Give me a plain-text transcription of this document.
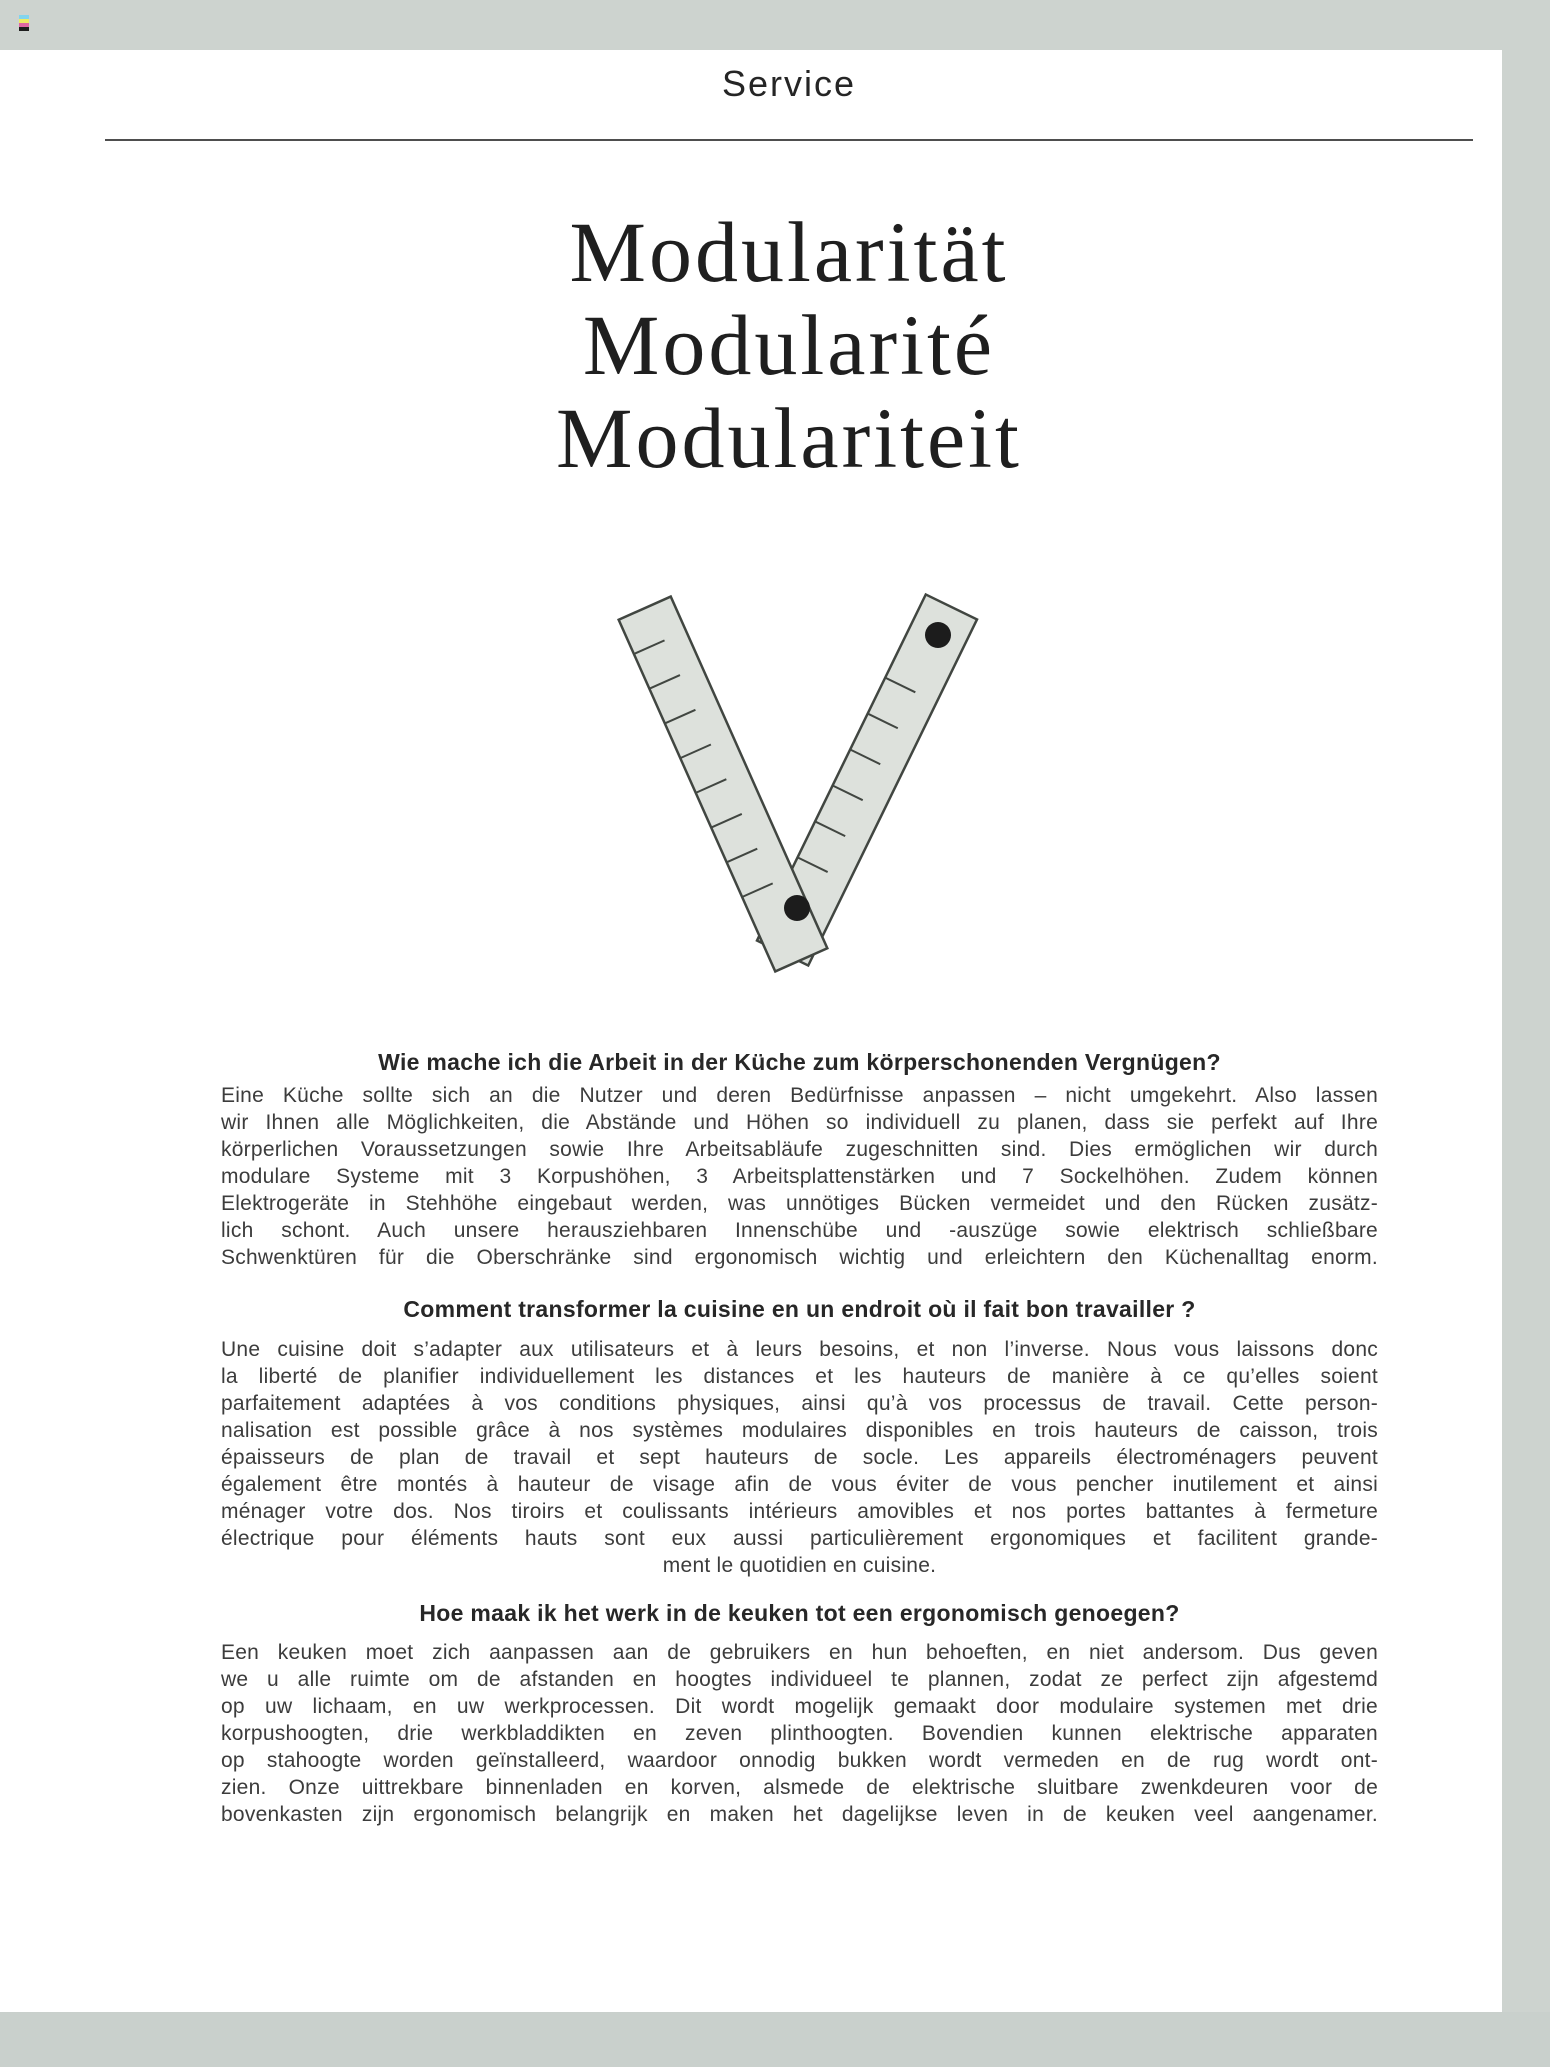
Service
Modularität
Modularité
Modulariteit
Wie mache ich die Arbeit in der Küche zum körperschonenden Vergnügen?
Eine Küche sollte sich an die Nutzer und deren Bedürfnisse anpassen – nicht umgekehrt. Also lassen
wir Ihnen alle Möglichkeiten, die Abstände und Höhen so individuell zu planen, dass sie perfekt auf Ihre
körperlichen Voraussetzungen sowie Ihre Arbeitsabläufe zugeschnitten sind. Dies ermöglichen wir durch
modulare Systeme mit 3 Korpushöhen, 3 Arbeitsplattenstärken und 7 Sockelhöhen. Zudem können
Elektrogeräte in Stehhöhe eingebaut werden, was unnötiges Bücken vermeidet und den Rücken zusätz-
lich schont. Auch unsere herausziehbaren Innenschübe und -auszüge sowie elektrisch schließbare
Schwenktüren für die Oberschränke sind ergonomisch wichtig und erleichtern den Küchenalltag enorm.
Comment transformer la cuisine en un endroit où il fait bon travailler ?
Une cuisine doit s’adapter aux utilisateurs et à leurs besoins, et non l’inverse. Nous vous laissons donc
la liberté de planifier individuellement les distances et les hauteurs de manière à ce qu’elles soient
parfaitement adaptées à vos conditions physiques, ainsi qu’à vos processus de travail. Cette person-
nalisation est possible grâce à nos systèmes modulaires disponibles en trois hauteurs de caisson, trois
épaisseurs de plan de travail et sept hauteurs de socle. Les appareils électroménagers peuvent
également être montés à hauteur de visage afin de vous éviter de vous pencher inutilement et ainsi
ménager votre dos. Nos tiroirs et coulissants intérieurs amovibles et nos portes battantes à fermeture
électrique pour éléments hauts sont eux aussi particulièrement ergonomiques et facilitent grande-
ment le quotidien en cuisine.
Hoe maak ik het werk in de keuken tot een ergonomisch genoegen?
Een keuken moet zich aanpassen aan de gebruikers en hun behoeften, en niet andersom. Dus geven
we u alle ruimte om de afstanden en hoogtes individueel te plannen, zodat ze perfect zijn afgestemd
op uw lichaam, en uw werkprocessen. Dit wordt mogelijk gemaakt door modulaire systemen met drie
korpushoogten, drie werkbladdikten en zeven plinthoogten. Bovendien kunnen elektrische apparaten
op stahoogte worden geïnstalleerd, waardoor onnodig bukken wordt vermeden en de rug wordt ont-
zien. Onze uittrekbare binnenladen en korven, alsmede de elektrische sluitbare zwenkdeuren voor de
bovenkasten zijn ergonomisch belangrijk en maken het dagelijkse leven in de keuken veel aangenamer.
